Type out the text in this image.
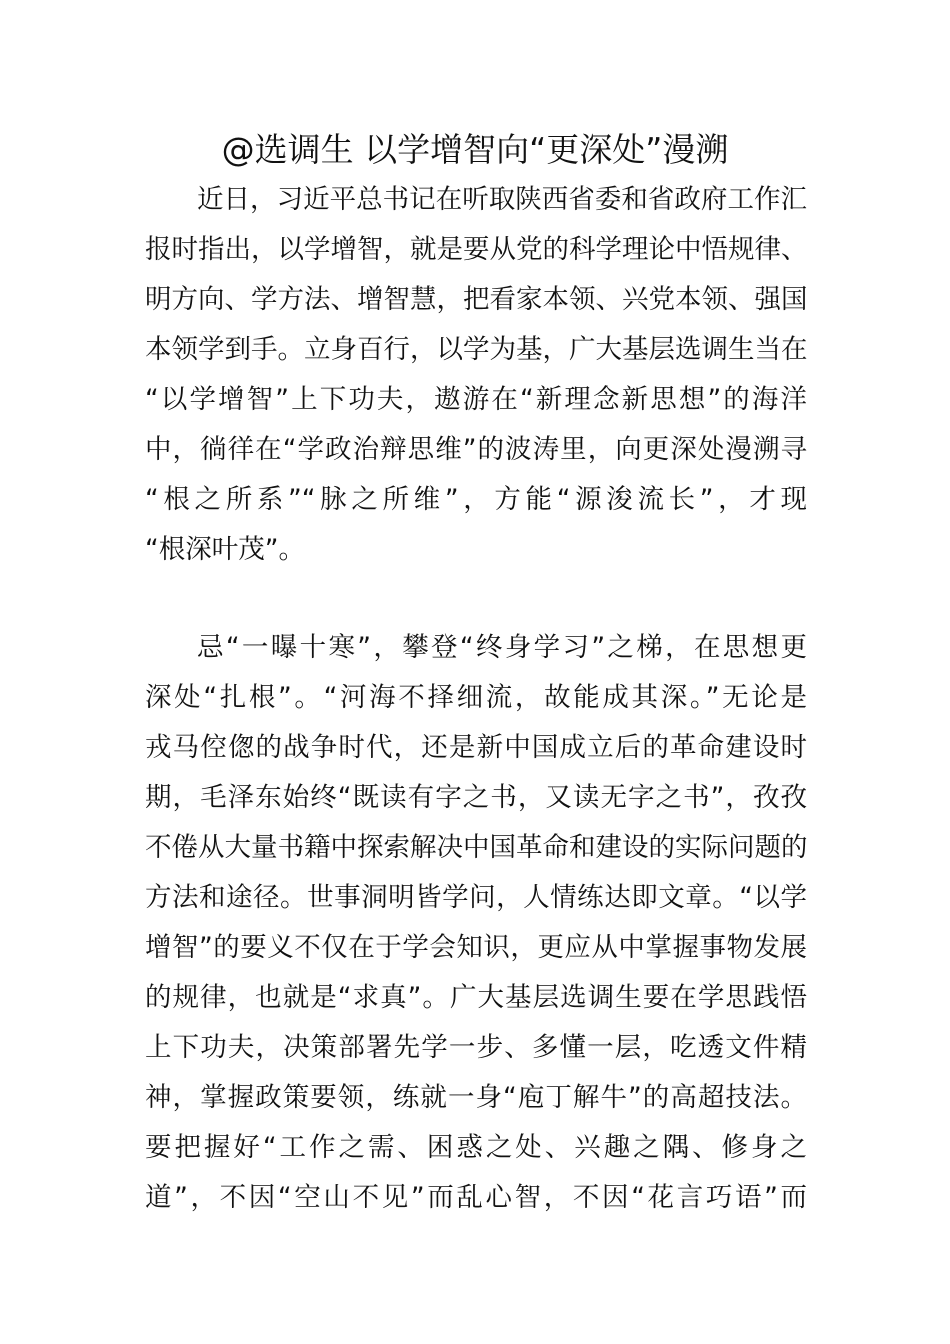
@选调生 以学增智向“更深处”漫溯
近日，习近平总书记在听取陕西省委和省政府工作汇
报时指出，以学增智，就是要从党的科学理论中悟规律、
明方向、学方法、增智慧，把看家本领、兴党本领、强国
本领学到手。立身百行，以学为基，广大基层选调生当在
“以学增智”上下功夫，遨游在“新理念新思想”的海洋
中，徜徉在“学政治辩思维”的波涛里，向更深处漫溯寻
“根之所系”“脉之所维”，方能“源浚流长”，才现
“根深叶茂”。
忌“一曝十寒”，攀登“终身学习”之梯，在思想更
深处“扎根”。“河海不择细流，故能成其深。”无论是
戎马倥偬的战争时代，还是新中国成立后的革命建设时
期，毛泽东始终“既读有字之书，又读无字之书”，孜孜
不倦从大量书籍中探索解决中国革命和建设的实际问题的
方法和途径。世事洞明皆学问，人情练达即文章。“以学
增智”的要义不仅在于学会知识，更应从中掌握事物发展
的规律，也就是“求真”。广大基层选调生要在学思践悟
上下功夫，决策部署先学一步、多懂一层，吃透文件精
神，掌握政策要领，练就一身“庖丁解牛”的高超技法。
要把握好“工作之需、困惑之处、兴趣之隅、修身之
道”，不因“空山不见”而乱心智，不因“花言巧语”而
